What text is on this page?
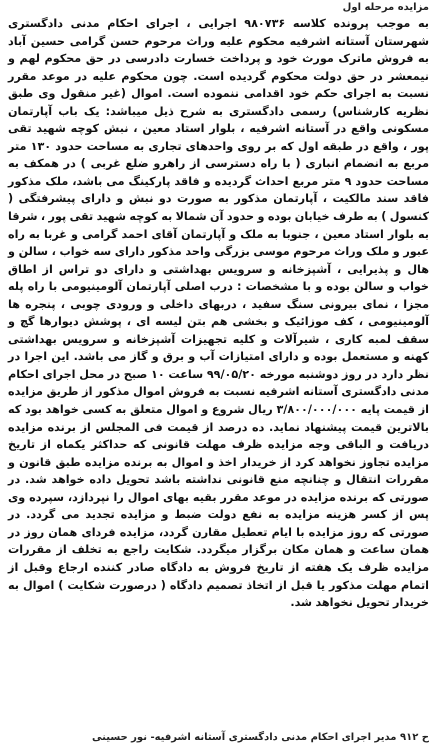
مزایده مرحله اول

به موجب پرونده کلاسه ۹۸۰۷۳۶ اجرایی ، اجرای احکام مدنی دادگستری شهرستان آستانه اشرفیه محکوم علیه وراث مرحوم حسن گرامی حسین آباد به فروش ماترک مورث خود و پرداخت خسارت دادرسی در حق محکوم لهم و نیمعشر در حق دولت محکوم گردیده است. چون محکوم علیه در موعد مقرر نسبت به اجرای حکم خود اقدامی ننموده است. اموال (غیر منقول وی طبق نظریه کارشناس) رسمی دادگستری به شرح ذیل میباشد: یک باب آپارتمان مسکونی واقع در آستانه اشرفیه ، بلوار استاد معین ، نبش کوچه شهید تقی پور ، واقع در طبقه اول که بر روی واحدهای تجاری به مساحت حدود ۱۳۰ متر مربع به انضمام انباری ( با راه دسترسی از راهرو ضلع غربی ) در همکف به مساحت حدود ۹ متر مربع احداث گردیده و فاقد پارکینگ می باشد، ملک مذکور فاقد سند مالکیت ، آپارتمان مذکور به صورت دو نبش و دارای پیشرفتگی ( کنسول ) به طرف خیابان بوده و حدود آن شمالا به کوچه شهید تقی پور ، شرقا به بلوار استاد معین ، جنوبا به ملک و آپارتمان آقای احمد گرامی و غربا به راه عبور و ملک وراث مرحوم موسی بزرگی واحد مذکور دارای سه خواب ، سالن و هال و پذیرایی ، آشپزخانه و سرویس بهداشتی و دارای دو تراس از اطاق خواب و سالن بوده و با مشخصات : درب اصلی آپارتمان آلومینیومی با راه پله مجزا ، نمای بیرونی سنگ سفید ، دربهای داخلی و ورودی چوبی ، پنجره ها آلومینیومی ، کف موزائیک و بخشی هم بتن لیسه ای ، پوشش دیوارها گچ و سقف لمبه کاری ، شیرآلات و کلیه تجهیزات آشپزخانه و سرویس بهداشتی کهنه و مستعمل بوده و دارای امتیازات آب و برق و گاز می باشد. این اجرا در نظر دارد در روز دوشنبه مورخه ۹۹/۰۵/۲۰ ساعت ۱۰ صبح در محل اجرای احکام مدنی دادگستری آستانه اشرفیه نسبت به فروش اموال مذکور از طریق مزایده از قیمت پایه ۳/۸۰۰/۰۰۰/۰۰۰ ریال شروع و اموال متعلق به کسی خواهد بود که بالاترین قیمت پیشنهاد نماید. ده درصد از قیمت فی المجلس از برنده مزایده دریافت و الباقی وجه مزایده ظرف مهلت قانونی که حداکثر یکماه از تاریخ مزایده تجاوز نخواهد کرد از خریدار اخذ و اموال به برنده مزایده طبق قانون و مقررات انتقال و چنانچه منع قانونی نداشته باشد تحویل داده خواهد شد. در صورتی که برنده مزایده در موعد مقرر بقیه بهای اموال را نپردازد، سپرده وی پس از کسر هزینه مزایده به نفع دولت ضبط و مزایده تجدید می گردد. در صورتی که روز مزایده با ایام تعطیل مقارن گردد، مزایده فردای همان روز در همان ساعت و همان مکان برگزار میگردد. شکایت راجع به تخلف از مقررات مزایده ظرف یک هفته از تاریخ فروش به دادگاه صادر کننده ارجاع وقبل از اتمام مهلت مذکور یا قبل از اتخاذ تصمیم دادگاه ( درصورت شکایت ) اموال به خریدار تحویل نخواهد شد.

ح ۹۱۲ مدیر اجرای احکام مدنی دادگستری آستانه اشرفیه- نور حسینی
